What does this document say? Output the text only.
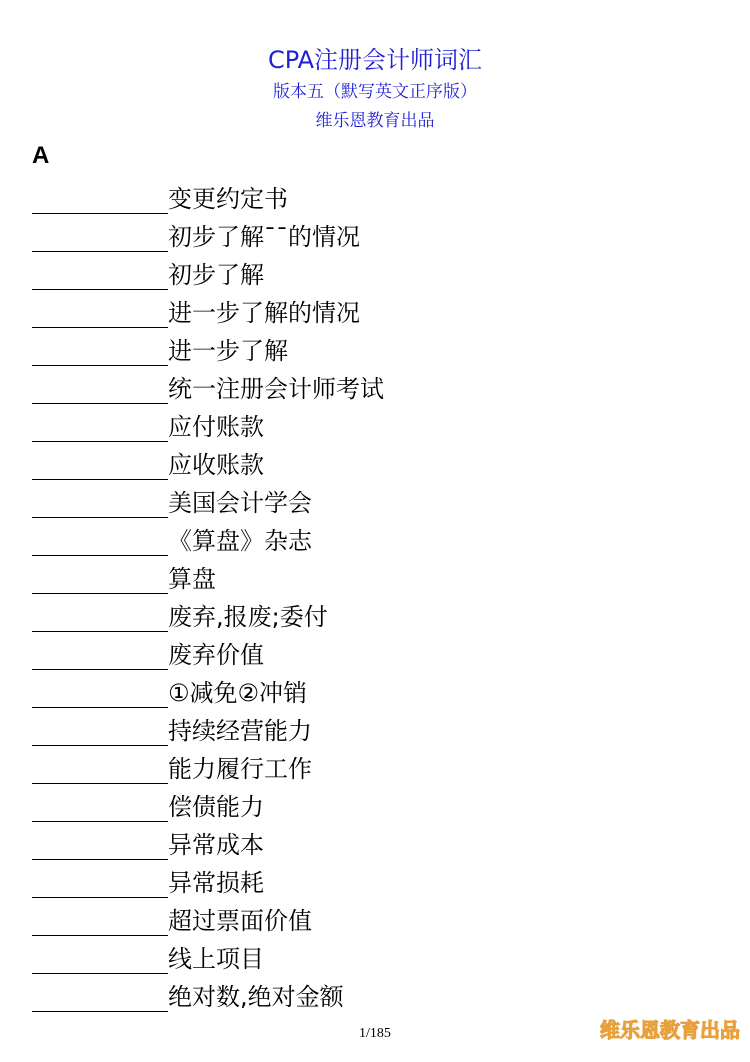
CPA注册会计师词汇
版本五（默写英文正序版）
维乐恩教育出品
A
变更约定书
初步了解¯¯的情况
初步了解
进一步了解的情况
进一步了解
统一注册会计师考试
应付账款
应收账款
美国会计学会
《算盘》杂志
算盘
废弃,报废;委付
废弃价值
①减免②冲销
持续经营能力
能力履行工作
偿债能力
异常成本
异常损耗
超过票面价值
线上项目
绝对数,绝对金额
1/185	维乐恩教育出品
